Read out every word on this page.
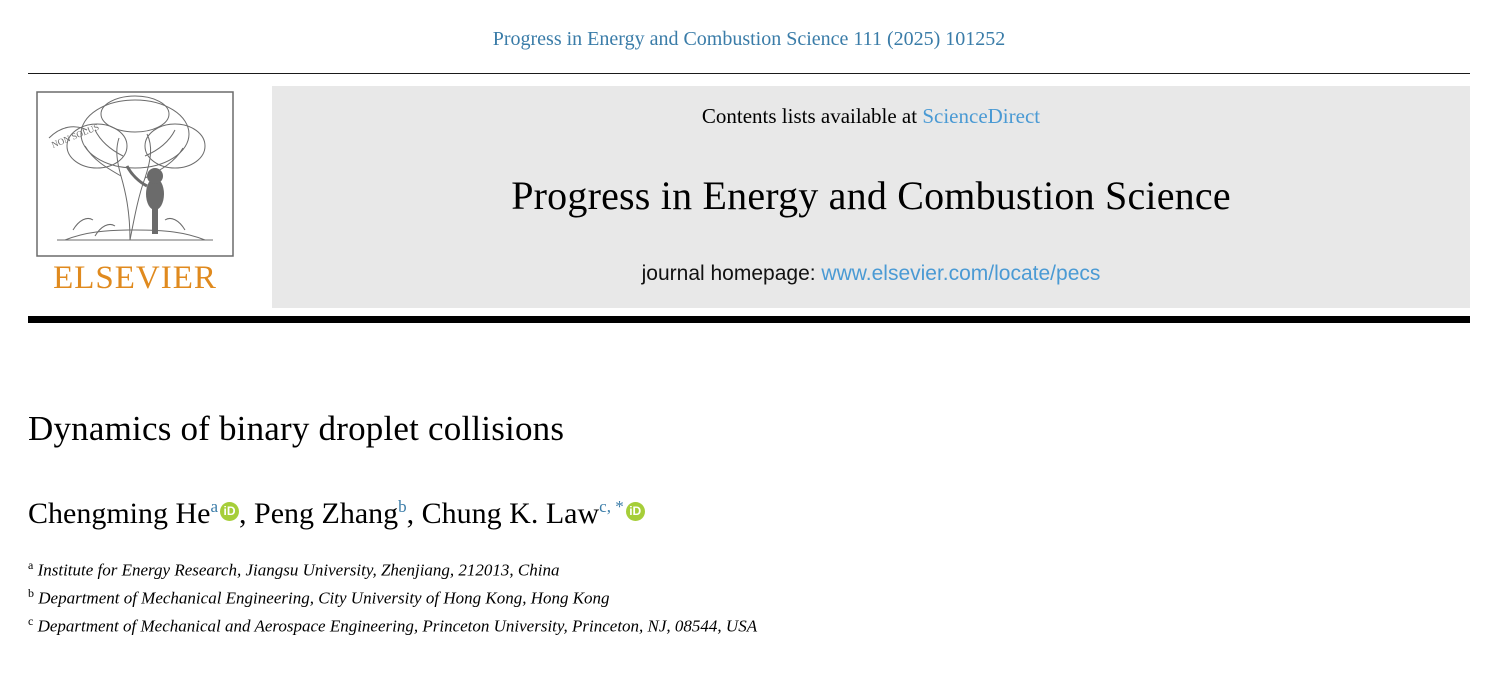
Progress in Energy and Combustion Science 111 (2025) 101252
NON SOLUS
ELSEVIER
Contents lists available at ScienceDirect
Progress in Energy and Combustion Science
journal homepage: www.elsevier.com/locate/pecs
Dynamics of binary droplet collisions
Chengming He$^a$ iD , Peng Zhang$^b$, Chung K. Law$^{c, *}$iD
$^a$ Institute for Energy Research, Jiangsu University, Zhenjiang, 212013, China
$^b$ Department of Mechanical Engineering, City University of Hong Kong, Hong Kong
$^c$ Department of Mechanical and Aerospace Engineering, Princeton University, Princeton, NJ, 08544, USA
